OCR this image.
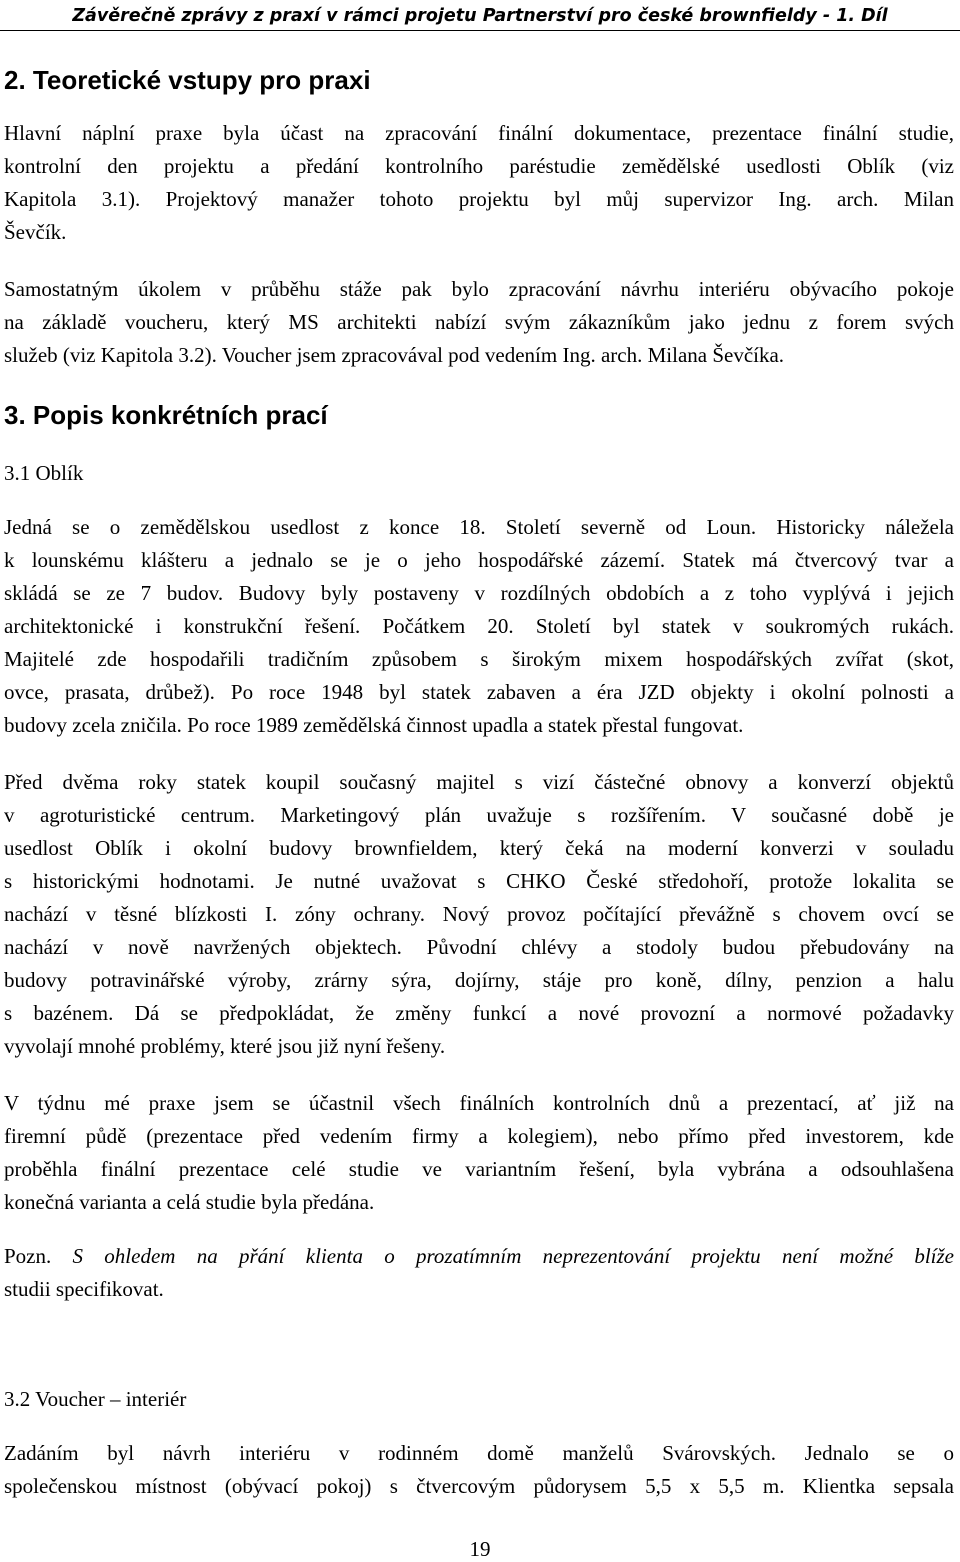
Závěrečně zprávy z praxí v rámci projetu Partnerství pro české brownfieldy - 1. Díl
2. Teoretické vstupy pro praxi
Hlavní náplní praxe byla účast na zpracování finální dokumentace, prezentace finální studie,
kontrolní den projektu a předání kontrolního paréstudie zemědělské usedlosti Oblík (viz
Kapitola 3.1). Projektový manažer tohoto projektu byl můj supervizor Ing. arch. Milan
Ševčík.
Samostatným úkolem v průběhu stáže pak bylo zpracování návrhu interiéru obývacího pokoje
na základě voucheru, který MS architekti nabízí svým zákazníkům jako jednu z forem svých
služeb (viz Kapitola 3.2). Voucher jsem zpracovával pod vedením Ing. arch. Milana Ševčíka.
3. Popis konkrétních prací
3.1 Oblík
Jedná se o zemědělskou usedlost z konce 18. Století severně od Loun. Historicky náležela
k lounskému klášteru a jednalo se je o jeho hospodářské zázemí. Statek má čtvercový tvar a
skládá se ze 7 budov. Budovy byly postaveny v rozdílných obdobích a z toho vyplývá i jejich
architektonické i konstrukční řešení. Počátkem 20. Století byl statek v soukromých rukách.
Majitelé zde hospodařili tradičním způsobem s širokým mixem hospodářských zvířat (skot,
ovce, prasata, drůbež). Po roce 1948 byl statek zabaven a éra JZD objekty i okolní polnosti a
budovy zcela zničila. Po roce 1989 zemědělská činnost upadla a statek přestal fungovat.
Před dvěma roky statek koupil současný majitel s vizí částečné obnovy a konverzí objektů
v agroturistické centrum. Marketingový plán uvažuje s rozšířením. V současné době je
usedlost Oblík i okolní budovy brownfieldem, který čeká na moderní konverzi v souladu
s historickými hodnotami. Je nutné uvažovat s CHKO České středohoří, protože lokalita se
nachází v těsné blízkosti I. zóny ochrany. Nový provoz počítající převážně s chovem ovcí se
nachází v nově navržených objektech. Původní chlévy a stodoly budou přebudovány na
budovy potravinářské výroby, zrárny sýra, dojírny, stáje pro koně, dílny, penzion a halu
s bazénem. Dá se předpokládat, že změny funkcí a nové provozní a normové požadavky
vyvolají mnohé problémy, které jsou již nyní řešeny.
V týdnu mé praxe jsem se účastnil všech finálních kontrolních dnů a prezentací, ať již na
firemní půdě (prezentace před vedením firmy a kolegiem), nebo přímo před investorem, kde
proběhla finální prezentace celé studie ve variantním řešení, byla vybrána a odsouhlašena
konečná varianta a celá studie byla předána.
Pozn. S ohledem na přání klienta o prozatímním neprezentování projektu není možné blíže
studii specifikovat.
3.2 Voucher – interiér
Zadáním byl návrh interiéru v rodinném domě manželů Svárovských. Jednalo se o
společenskou místnost (obývací pokoj) s čtvercovým půdorysem 5,5 x 5,5 m. Klientka sepsala
19
